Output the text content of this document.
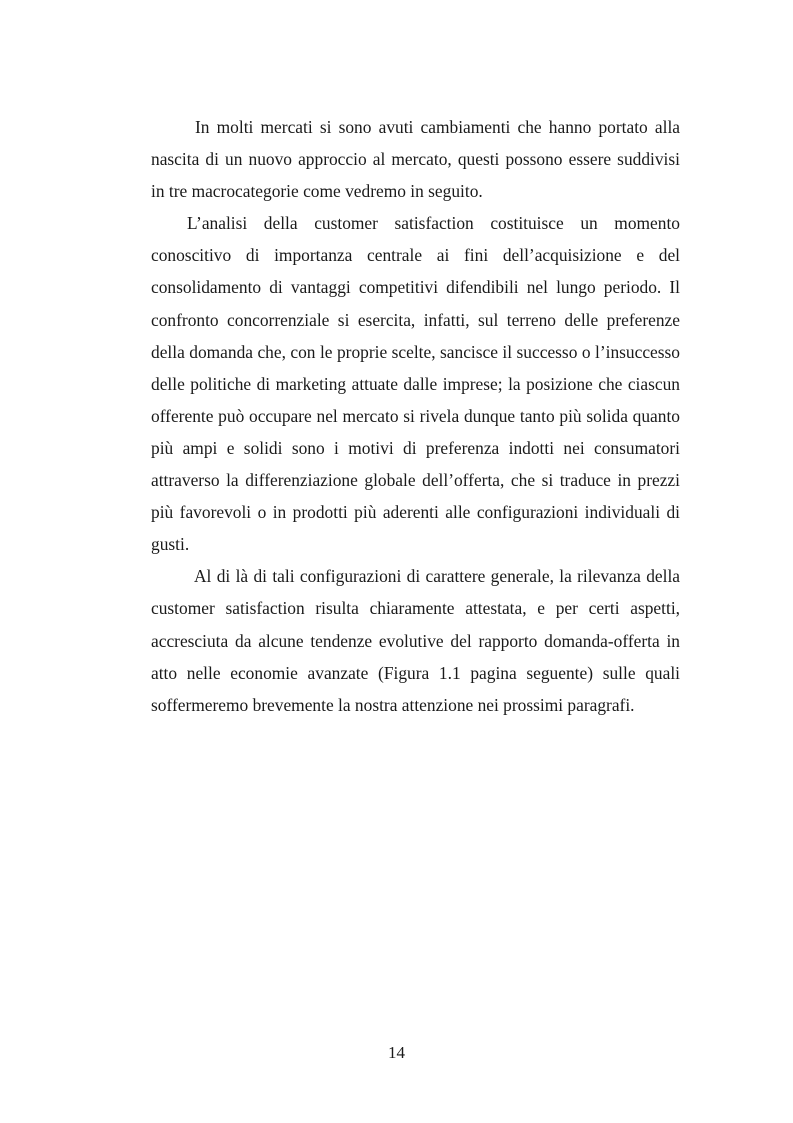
In molti mercati si sono avuti cambiamenti che hanno portato alla nascita di un nuovo approccio al mercato, questi possono essere suddivisi in tre macrocategorie come vedremo in seguito.

L’analisi della customer satisfaction costituisce un momento conoscitivo di importanza centrale ai fini dell’acquisizione e del consolidamento di vantaggi competitivi difendibili nel lungo periodo. Il confronto concorrenziale si esercita, infatti, sul terreno delle preferenze della domanda che, con le proprie scelte, sancisce il successo o l’insuccesso delle politiche di marketing attuate dalle imprese; la posizione che ciascun offerente può occupare nel mercato si rivela dunque tanto più solida quanto più ampi e solidi sono i motivi di preferenza indotti nei consumatori attraverso la differenziazione globale dell’offerta, che si traduce in prezzi più favorevoli o in prodotti più aderenti alle configurazioni individuali di gusti.

Al di là di tali configurazioni di carattere generale, la rilevanza della customer satisfaction risulta chiaramente attestata, e per certi aspetti, accresciuta da alcune tendenze evolutive del rapporto domanda-offerta in atto nelle economie avanzate (Figura 1.1 pagina seguente) sulle quali soffermeremo brevemente la nostra attenzione nei prossimi paragrafi.

14
